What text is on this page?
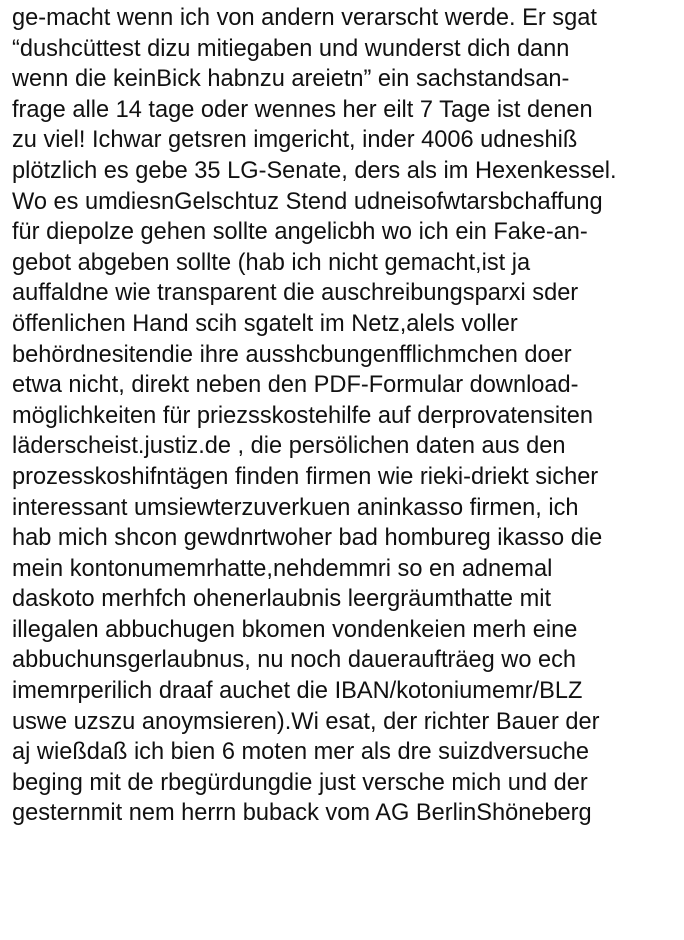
ge-macht wenn ich von andern verarscht werde. Er sgat
“dushcüttest dizu mitiegaben und wunderst dich dann
wenn die keinBick habnzu areietn” ein sachstandsan-
frage alle 14 tage oder wennes her eilt 7 Tage ist denen
zu viel! Ichwar getsren imgericht, inder 4006 udneshiß
plötzlich es gebe 35 LG-Senate, ders als im Hexenkessel.
Wo es umdiesnGelschtuz Stend udneisofwtarsbchaffung
für diepolze gehen sollte angelicbh wo ich ein Fake-an-
gebot abgeben sollte (hab ich nicht gemacht,ist ja
auffaldne wie transparent die auschreibungsparxi sder
öffenlichen Hand scih sgatelt im Netz,alels voller
behördnesitendie ihre ausshcbungenfflichmchen doer
etwa nicht, direkt neben den PDF-Formular download-
möglichkeiten für priezsskostehilfe auf derprovatensiten
läderscheist.justiz.de , die persölichen daten aus den
prozesskoshifntägen finden firmen wie rieki-driekt sicher
interessant umsiewterzuverkuen aninkasso firmen, ich
hab mich shcon gewdnrtwoher bad hombureg ikasso die
mein kontonumemrhatte,nehdemmri so en adnemal
daskoto merhfch ohenerlaubnis leergräumthatte mit
illegalen abbuchugen bkomen vondenkeien merh eine
abbuchunsgerlaubnus, nu noch daueraufträeg wo ech
imemrperilich draaf auchet die IBAN/kotoniumemr/BLZ
uswe uzszu anoymsieren).Wi esat, der richter Bauer der
aj wießdaß ich bien 6 moten mer als dre suizdversuche
beging mit de rbegürdungdie just versche mich und der
gesternmit nem herrn buback vom AG BerlinShöneberg
